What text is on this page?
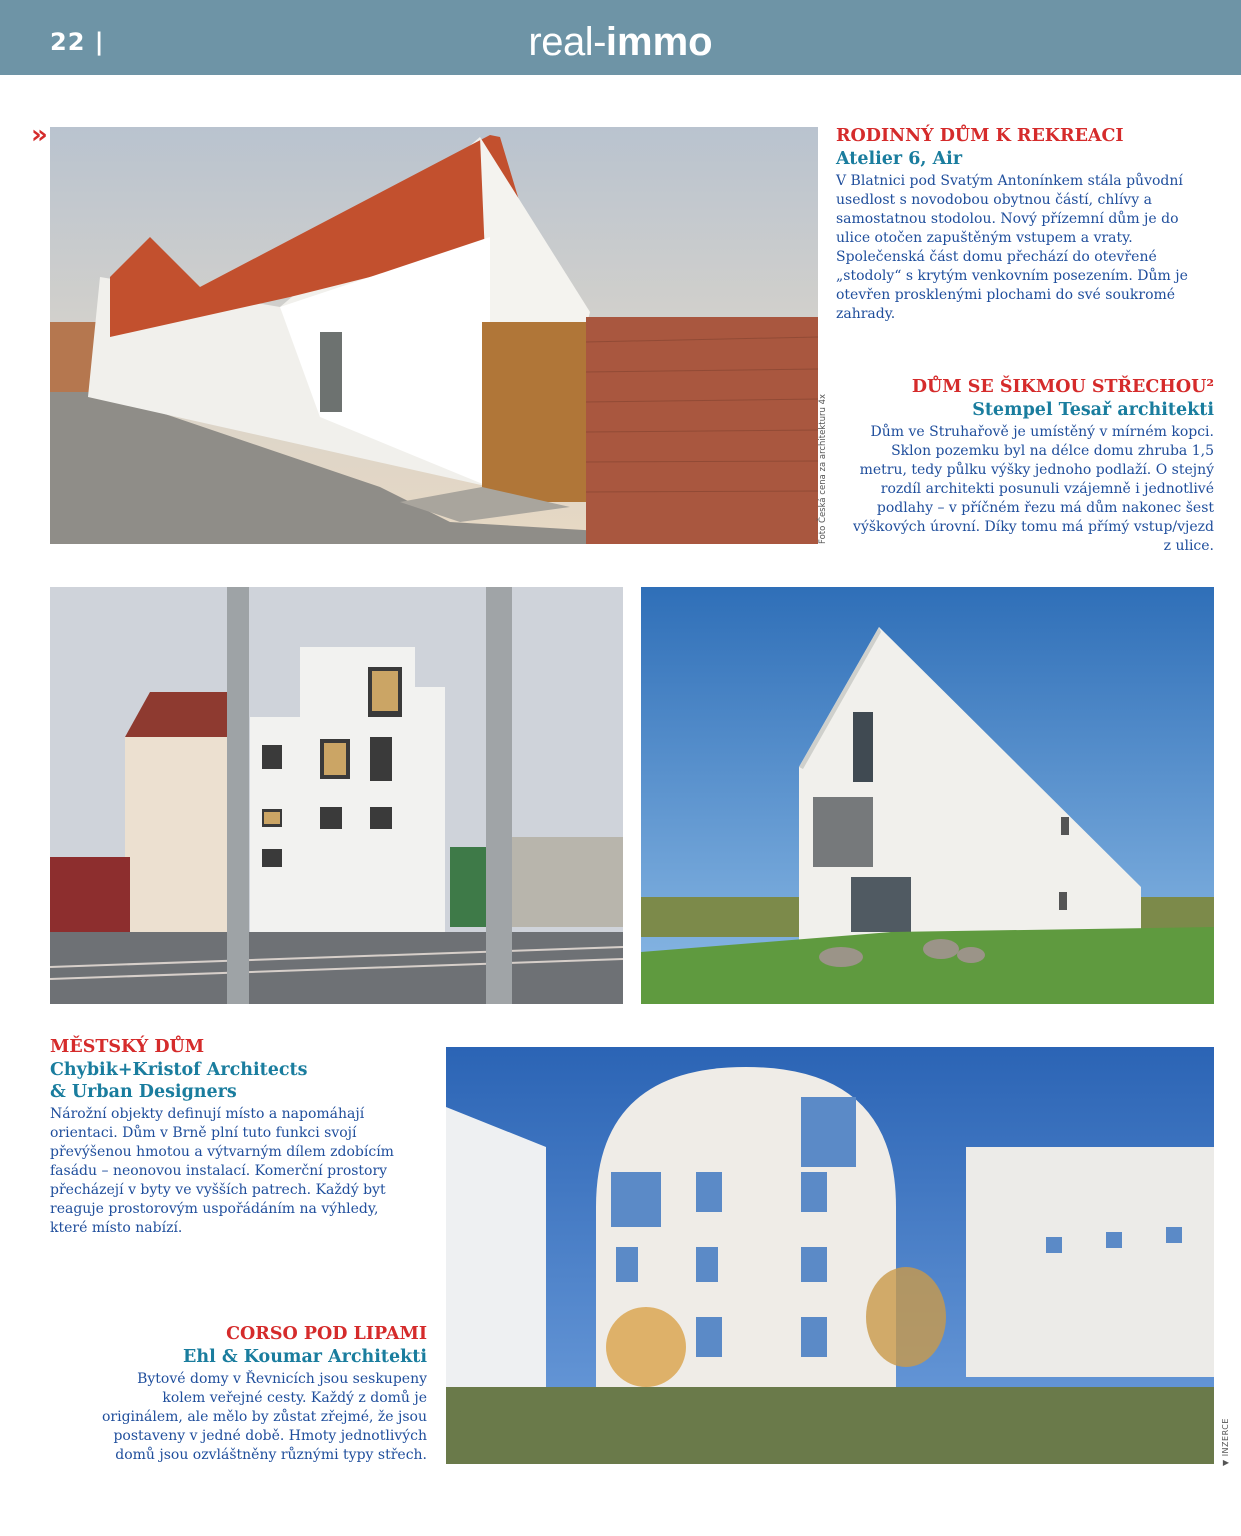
22 |	real-immo
»
Foto Česká cena za architekturu 4x
▼ INZERCE
RODINNÝ DŮM K REKREACI
Atelier 6, Air

V Blatnici pod Svatým Antonínkem stála původní usedlost s novodobou obytnou částí, chlívy a samostatnou stodolou. Nový přízemní dům je do ulice otočen zapuštěným vstupem a vraty. Společenská část domu přechází do otevřené „stodoly“ s krytým venkovním posezením. Dům je otevřen prosklenými plochami do své soukromé zahrady.

DŮM SE ŠIKMOU STŘECHOU²
Stempel Tesař architekti

Dům ve Struhařově je umístěný v mírném kopci. Sklon pozemku byl na délce domu zhruba 1,5 metru, tedy půlku výšky jednoho podlaží. O stejný rozdíl architekti posunuli vzájemně i jednotlivé podlahy – v příčném řezu má dům nakonec šest výškových úrovní. Díky tomu má přímý vstup/vjezd z ulice.

MĚSTSKÝ DŮM
Chybik+Kristof Architects & Urban Designers

Nárožní objekty definují místo a napomáhají orientaci. Dům v Brně plní tuto funkci svojí převýšenou hmotou a výtvarným dílem zdobícím fasádu – neonovou instalací. Komerční prostory přecházejí v byty ve vyšších patrech. Každý byt reaguje prostorovým uspořádáním na výhledy, které místo nabízí.

CORSO POD LIPAMI
Ehl & Koumar Architekti

Bytové domy v Řevnicích jsou seskupeny kolem veřejné cesty. Každý z domů je originálem, ale mělo by zůstat zřejmé, že jsou postaveny v jedné době. Hmoty jednotlivých domů jsou ozvláštněny různými typy střech.
